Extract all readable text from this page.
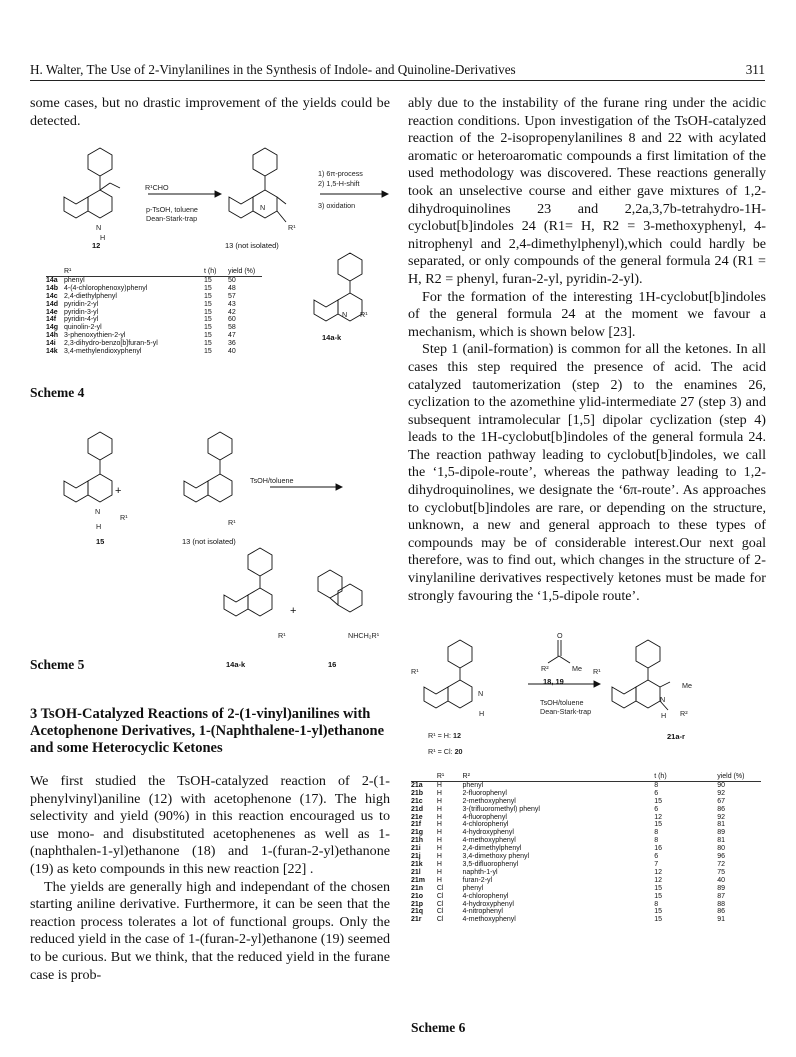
H. Walter, The Use of 2-Vinylanilines in the Synthesis of Indole- and Quinoline-Derivatives	311

some cases, but no drastic improvement of the yields could be detected.

R¹CHO
p-TsOH, toluene
Dean-Stark-trap
1) 6π-process
2) 1,5-H-shift
3) oxidation
N
H
N
R¹
12	13 (not isolated)
	R¹	t (h)	yield (%)
14a	phenyl	15	50
14b	4-(4-chlorophenoxy)phenyl	15	48
14c	2,4-diethylphenyl	15	57
14d	pyridin-2-yl	15	43
14e	pyridin-3-yl	15	42
14f	pyridin-4-yl	15	60
14g	quinolin-2-yl	15	58
14h	3-phenoxythien-2-yl	15	47
14i	2,3-dihydro-benzo[b]furan-5-yl	15	36
14k	3,4-methylendioxyphenyl	15	40
R¹
N
14a-k
Scheme 4
+
TsOH/toluene
N
R¹
H	R¹
15	13 (not isolated)
+
R¹	NHCH₂R¹
14a-k	16
Scheme 5
3 TsOH-Catalyzed Reactions of 2-(1-vinyl)anilines with Acetophenone Derivatives, 1-(Naphthalene-1-yl)ethanone and some Heterocyclic Ketones

We first studied the TsOH-catalyzed reaction of 2-(1-phenylvinyl)aniline (12) with acetophenone (17). The high selectivity and yield (90%) in this reaction encouraged us to use mono- and disubstituted acetophenenes as well as 1-(naphthalen-1-yl)ethanone (18) and 1-(furan-2-yl)ethanone (19) as keto compounds in this new reaction [22] .

The yields are generally high and independant of the chosen starting aniline derivative. Furthermore, it can be seen that the reaction process tolerates a lot of functional groups. Only the reduced yield in the case of 1-(furan-2-yl)ethanone (19) seemed to be curious. But we think, that the reduced yield in the furane case is prob-

ably due to the instability of the furane ring under the acidic reaction conditions. Upon investigation of the TsOH-catalyzed reaction of the 2-isopropenylanilines 8 and 22 with acylated aromatic or heteroaromatic compounds a first limitation of the used methodology was discovered. These reactions generally took an unselective course and either gave mixtures of 1,2-dihydroquinolines 23 and 2,2a,3,7b-tetrahydro-1H-cyclobut[b]indoles 24 (R1= H, R2 = 3-methoxyphenyl, 4-nitrophenyl and 2,4-dimethylphenyl),which could hardly be separated, or only compounds of the general formula 24 (R1 = H, R2 = phenyl, furan-2-yl, pyridin-2-yl).

For the formation of the interesting 1H-cyclobut[b]indoles of the general formula 24 at the moment we favour a mechanism, which is shown below [23].

Step 1 (anil-formation) is common for all the ketones. In all cases this step required the presence of acid. The acid catalyzed tautomerization (step 2) to the enamines 26, cyclization to the azomethine ylid-intermediate 27 (step 3) and subsequent intramolecular [1,5] dipolar cyclization (step 4) leads to the 1H-cyclobut[b]indoles of the general formula 24. The reaction pathway leading to cyclobut[b]indoles, we call the ‘1,5-dipole-route’, whereas the pathway leading to 1,2-dihydroquinolines, we designate the ‘6π-route’. As approaches to cyclobut[b]indoles are rare, or depending on the structure, unknown, a new and general approach to these types of compounds may be of considerable interest.Our next goal therefore, was to find out, which changes in the structure of 2-vinylaniline derivatives respectively ketones must be made for strongly favouring the ‘1,5-dipole route’.

O
R²	Me
18, 19
TsOH/toluene
Dean-Stark-trap
R¹	R¹
N
H
N
H R²
Me
R¹ = H: 12
R¹ = Cl: 20
21a-r
	R¹	R²	t (h)	yield (%)
21a	H	phenyl	8	90
21b	H	2-fluorophenyl	6	92
21c	H	2-methoxyphenyl	15	67
21d	H	3-(trifluoromethyl) phenyl	6	86
21e	H	4-fluorophenyl	12	92
21f	H	4-chlorophenyl	15	81
21g	H	4-hydroxyphenyl	8	89
21h	H	4-methoxyphenyl	8	81
21i	H	2,4-dimethylphenyl	16	80
21j	H	3,4-dimethoxy phenyl	6	96
21k	H	3,5-difluorophenyl	7	72
21l	H	naphth-1-yl	12	75
21m	H	furan-2-yl	12	40
21n	Cl	phenyl	15	89
21o	Cl	4-chlorophenyl	15	87
21p	Cl	4-hydroxyphenyl	8	88
21q	Cl	4-nitrophenyl	15	86
21r	Cl	4-methoxyphenyl	15	91
Scheme 6
